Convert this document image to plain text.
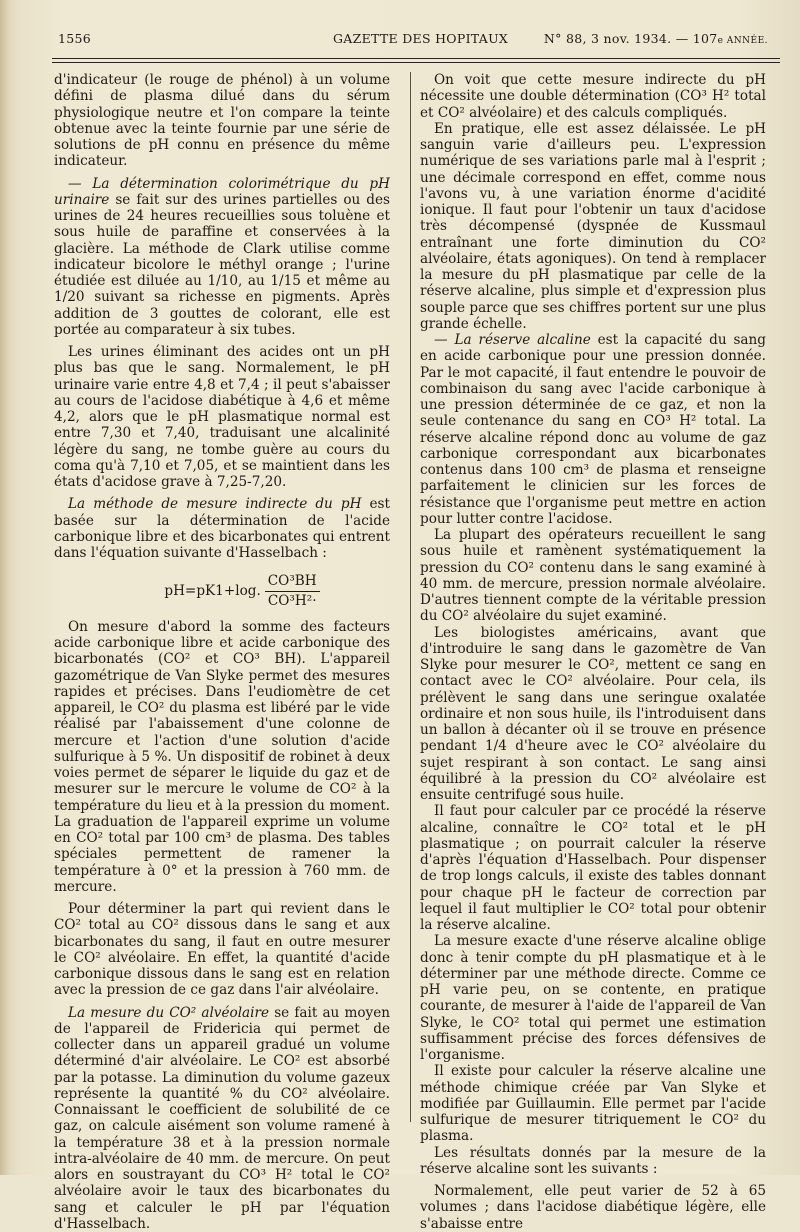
1556	GAZETTE DES HOPITAUX	N° 88, 3 nov. 1934. — 107e ANNÉE.

d'indicateur (le rouge de phénol) à un volume défini de plasma dilué dans du sérum physiologique neutre et l'on compare la teinte obtenue avec la teinte fournie par une série de solutions de pH connu en présence du même indicateur.

— La détermination colorimétrique du pH urinaire se fait sur des urines partielles ou des urines de 24 heures recueillies sous toluène et sous huile de paraffine et conservées à la glacière. La méthode de Clark utilise comme indicateur bicolore le méthyl orange ; l'urine étudiée est diluée au 1/10, au 1/15 et même au 1/20 suivant sa richesse en pigments. Après addition de 3 gouttes de colorant, elle est portée au comparateur à six tubes.

Les urines éliminant des acides ont un pH plus bas que le sang. Normalement, le pH urinaire varie entre 4,8 et 7,4 ; il peut s'abaisser au cours de l'acidose diabétique à 4,6 et même 4,2, alors que le pH plasmatique normal est entre 7,30 et 7,40, traduisant une alcalinité légère du sang, ne tombe guère au cours du coma qu'à 7,10 et 7,05, et se maintient dans les états d'acidose grave à 7,25-7,20.

La méthode de mesure indirecte du pH est basée sur la détermination de l'acide carbonique libre et des bicarbonates qui entrent dans l'équation suivante d'Hasselbach :

pH=pK1+log. $\frac{\text{CO³BH}}{\text{CO³H²·}}$

On mesure d'abord la somme des facteurs acide carbonique libre et acide carbonique des bicarbonatés (CO² et CO³ BH). L'appareil gazométrique de Van Slyke permet des mesures rapides et précises. Dans l'eudiomètre de cet appareil, le CO² du plasma est libéré par le vide réalisé par l'abaissement d'une colonne de mercure et l'action d'une solution d'acide sulfurique à 5 %. Un dispositif de robinet à deux voies permet de séparer le liquide du gaz et de mesurer sur le mercure le volume de CO² à la température du lieu et à la pression du moment. La graduation de l'appareil exprime un volume en CO² total par 100 cm³ de plasma. Des tables spéciales permettent de ramener la température à 0° et la pression à 760 mm. de mercure.

Pour déterminer la part qui revient dans le CO² total au CO² dissous dans le sang et aux bicarbonates du sang, il faut en outre mesurer le CO² alvéolaire. En effet, la quantité d'acide carbonique dissous dans le sang est en relation avec la pression de ce gaz dans l'air alvéolaire.

La mesure du CO² alvéolaire se fait au moyen de l'appareil de Fridericia qui permet de collecter dans un appareil gradué un volume déterminé d'air alvéolaire. Le CO² est absorbé par la potasse. La diminution du volume gazeux représente la quantité % du CO² alvéolaire. Connaissant le coefficient de solubilité de ce gaz, on calcule aisément son volume ramené à la température 38 et à la pression normale intra-alvéolaire de 40 mm. de mercure. On peut alors en soustrayant du CO³ H² total le CO² alvéolaire avoir le taux des bicarbonates du sang et calculer le pH par l'équation d'Hasselbach.

On voit que cette mesure indirecte du pH nécessite une double détermination (CO³ H² total et CO² alvéolaire) et des calculs compliqués.

En pratique, elle est assez délaissée. Le pH sanguin varie d'ailleurs peu. L'expression numérique de ses variations parle mal à l'esprit ; une décimale correspond en effet, comme nous l'avons vu, à une variation énorme d'acidité ionique. Il faut pour l'obtenir un taux d'acidose très décompensé (dyspnée de Kussmaul entraînant une forte diminution du CO² alvéolaire, états agoniques). On tend à remplacer la mesure du pH plasmatique par celle de la réserve alcaline, plus simple et d'expression plus souple parce que ses chiffres portent sur une plus grande échelle.

— La réserve alcaline est la capacité du sang en acide carbonique pour une pression donnée. Par le mot capacité, il faut entendre le pouvoir de combinaison du sang avec l'acide carbonique à une pression déterminée de ce gaz, et non la seule contenance du sang en CO³ H² total. La réserve alcaline répond donc au volume de gaz carbonique correspondant aux bicarbonates contenus dans 100 cm³ de plasma et renseigne parfaitement le clinicien sur les forces de résistance que l'organisme peut mettre en action pour lutter contre l'acidose.

La plupart des opérateurs recueillent le sang sous huile et ramènent systématiquement la pression du CO² contenu dans le sang examiné à 40 mm. de mercure, pression normale alvéolaire. D'autres tiennent compte de la véritable pression du CO² alvéolaire du sujet examiné.

Les biologistes américains, avant que d'introduire le sang dans le gazomètre de Van Slyke pour mesurer le CO², mettent ce sang en contact avec le CO² alvéolaire. Pour cela, ils prélèvent le sang dans une seringue oxalatée ordinaire et non sous huile, ils l'introduisent dans un ballon à décanter où il se trouve en présence pendant 1/4 d'heure avec le CO² alvéolaire du sujet respirant à son contact. Le sang ainsi équilibré à la pression du CO² alvéolaire est ensuite centrifugé sous huile.

Il faut pour calculer par ce procédé la réserve alcaline, connaître le CO² total et le pH plasmatique ; on pourrait calculer la réserve d'après l'équation d'Hasselbach. Pour dispenser de trop longs calculs, il existe des tables donnant pour chaque pH le facteur de correction par lequel il faut multiplier le CO² total pour obtenir la réserve alcaline.

La mesure exacte d'une réserve alcaline oblige donc à tenir compte du pH plasmatique et à le déterminer par une méthode directe. Comme ce pH varie peu, on se contente, en pratique courante, de mesurer à l'aide de l'appareil de Van Slyke, le CO² total qui permet une estimation suffisamment précise des forces défensives de l'organisme.

Il existe pour calculer la réserve alcaline une méthode chimique créée par Van Slyke et modifiée par Guillaumin. Elle permet par l'acide sulfurique de mesurer titriquement le CO² du plasma.

Les résultats donnés par la mesure de la réserve alcaline sont les suivants :

Normalement, elle peut varier de 52 à 65 volumes ; dans l'acidose diabétique légère, elle s'abaisse entre
